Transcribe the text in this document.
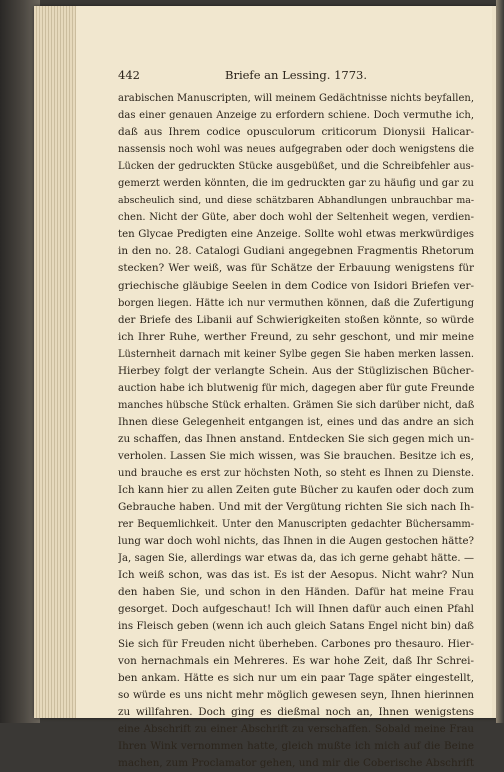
442	Briefe an Lessing. 1773.
arabischen Manuscripten, will meinem Gedächtnisse nichts beyfallen,
das einer genauen Anzeige zu erfordern schiene. Doch vermuthe ich,
daß aus Ihrem codice opusculorum criticorum Dionysii Halicar-
nassensis noch wohl was neues aufgegraben oder doch wenigstens die
Lücken der gedruckten Stücke ausgebüßet, und die Schreibfehler aus-
gemerzt werden könnten, die im gedruckten gar zu häufig und gar zu
abscheulich sind, und diese schätzbaren Abhandlungen unbrauchbar ma-
chen. Nicht der Güte, aber doch wohl der Seltenheit wegen, verdien-
ten Glycae Predigten eine Anzeige. Sollte wohl etwas merkwürdiges
in den no. 28. Catalogi Gudiani angegebnen Fragmentis Rhetorum
stecken? Wer weiß, was für Schätze der Erbauung wenigstens für
griechische gläubige Seelen in dem Codice von Isidori Briefen ver-
borgen liegen. Hätte ich nur vermuthen können, daß die Zufertigung
der Briefe des Libanii auf Schwierigkeiten stoßen könnte, so würde
ich Ihrer Ruhe, werther Freund, zu sehr geschont, und mir meine
Lüsternheit darnach mit keiner Sylbe gegen Sie haben merken lassen.
Hierbey folgt der verlangte Schein. Aus der Stüglizischen Bücher-
auction habe ich blutwenig für mich, dagegen aber für gute Freunde
manches hübsche Stück erhalten. Grämen Sie sich darüber nicht, daß
Ihnen diese Gelegenheit entgangen ist, eines und das andre an sich
zu schaffen, das Ihnen anstand. Entdecken Sie sich gegen mich un-
verholen. Lassen Sie mich wissen, was Sie brauchen. Besitze ich es,
und brauche es erst zur höchsten Noth, so steht es Ihnen zu Dienste.
Ich kann hier zu allen Zeiten gute Bücher zu kaufen oder doch zum
Gebrauche haben. Und mit der Vergütung richten Sie sich nach Ih-
rer Bequemlichkeit. Unter den Manuscripten gedachter Büchersamm-
lung war doch wohl nichts, das Ihnen in die Augen gestochen hätte?
Ja, sagen Sie, allerdings war etwas da, das ich gerne gehabt hätte. —
Ich weiß schon, was das ist. Es ist der Aesopus. Nicht wahr? Nun
den haben Sie, und schon in den Händen. Dafür hat meine Frau
gesorget. Doch aufgeschaut! Ich will Ihnen dafür auch einen Pfahl
ins Fleisch geben (wenn ich auch gleich Satans Engel nicht bin) daß
Sie sich für Freuden nicht überheben. Carbones pro thesauro. Hier-
von hernachmals ein Mehreres. Es war hohe Zeit, daß Ihr Schrei-
ben ankam. Hätte es sich nur um ein paar Tage später eingestellt,
so würde es uns nicht mehr möglich gewesen seyn, Ihnen hierinnen
zu willfahren. Doch ging es dießmal noch an, Ihnen wenigstens
eine Abschrift zu einer Abschrift zu verschaffen. Sobald meine Frau
Ihren Wink vernommen hatte, gleich mußte ich mich auf die Beine
machen, zum Proclamator gehen, und mir die Coberische Abschrift
